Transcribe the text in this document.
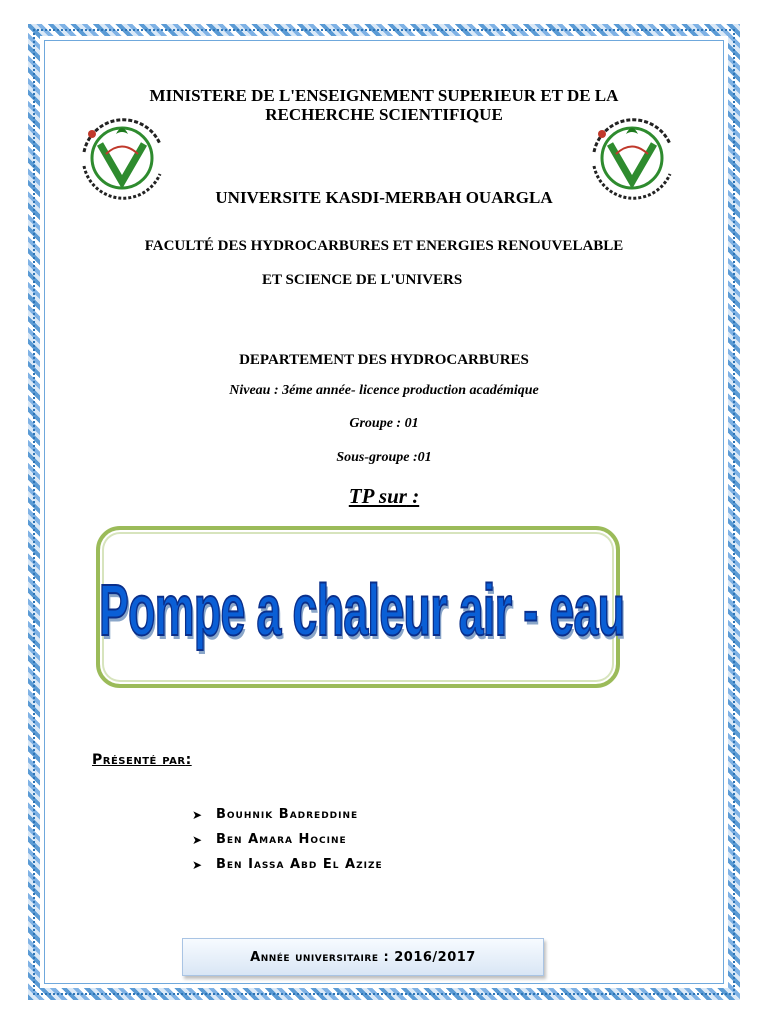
MINISTERE DE L'ENSEIGNEMENT SUPERIEUR ET DE LA
RECHERCHE SCIENTIFIQUE
UNIVERSITE KASDI-MERBAH OUARGLA
FACULTÉ DES HYDROCARBURES ET ENERGIES RENOUVELABLE
ET SCIENCE DE L'UNIVERS
DEPARTEMENT DES HYDROCARBURES
Niveau : 3éme année- licence production académique
Groupe : 01
Sous-groupe :01
TP sur :
Pompe a chaleur air - eau
Présenté par:
➤ Bouhnik Badreddine
➤ Ben Amara Hocine
➤ Ben Iassa Abd El Azize
Année universitaire : 2016/2017
